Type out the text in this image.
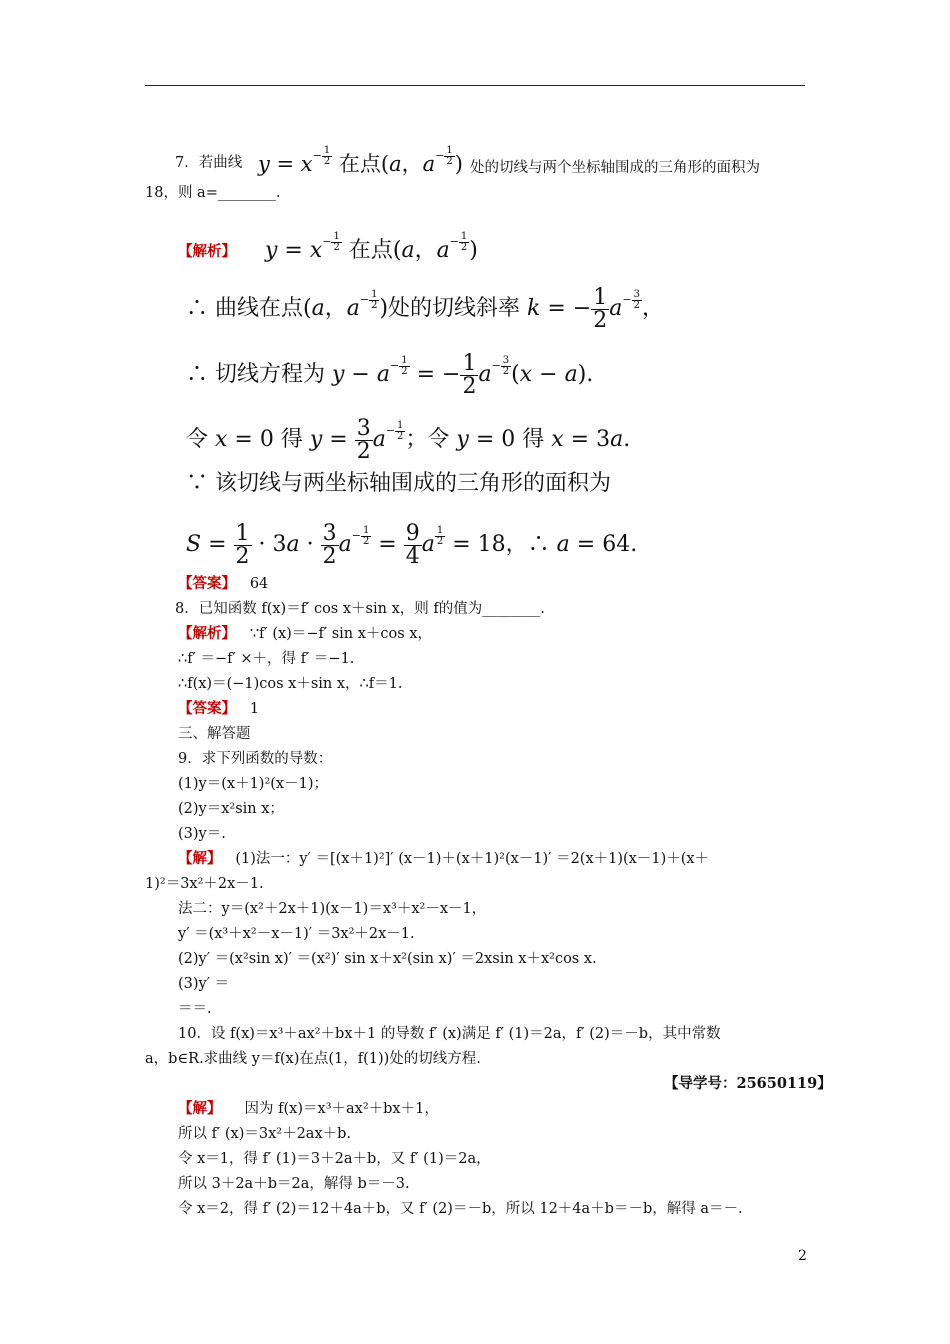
7．若曲线 $y = x- \frac{1}{2}$ 在点(a，$a- \frac{1}{2}$ ) 处的切线与两个坐标轴围成的三角形的面积为
18，则 a=________.
【解析】 $y = x- \frac{1}{2}$ 在点(a，$a- \frac{1}{2}$ )
∴ 曲线在点(a，$a- \frac{1}{2}$ )处的切线斜率 k = − $\frac{1}{2} a- \frac{3}{2}$ ，
∴ 切线方程为 $y - a- \frac{1}{2}$ = − $\frac{1}{2} a- \frac{3}{2} (x - a)$.
令 x = 0 得 $y = \frac{3}{2} a- \frac{1}{2}$ ；令 y = 0 得 x = 3a.
∵ 该切线与两坐标轴围成的三角形的面积为
$S = \frac{1}{2} \cdot 3a \cdot \frac{3}{2} a- \frac{1}{2} = \frac{9}{4}$ a $\frac{1}{2} = 18$，∴ a = 64.
【答案】 64
8．已知函数 f(x)＝f′ cos x＋sin x，则 f的值为________.
【解析】 ∵f′ (x)＝−f′ sin x＋cos x，
∴f′ ＝−f′ ×＋，得 f′ ＝−1.
∴f(x)＝(−1)cos x＋sin x，∴f＝1.
【答案】 1
三、解答题
9．求下列函数的导数：
(1)y＝(x＋1)²(x－1)；
(2)y＝x²sin x；
(3)y＝.
【解】 (1)法一：y′ ＝[(x＋1)²]′ (x－1)＋(x＋1)²(x－1)′ ＝2(x＋1)(x－1)＋(x＋
1)²＝3x²＋2x－1.
法二：y＝(x²＋2x＋1)(x－1)＝x³＋x²－x－1，
y′ ＝(x³＋x²－x－1)′ ＝3x²＋2x－1.
(2)y′ ＝(x²sin x)′ ＝(x²)′ sin x＋x²(sin x)′ ＝2xsin x＋x²cos x.
(3)y′ ＝
＝＝.
10．设 f(x)＝x³＋ax²＋bx＋1 的导数 f′ (x)满足 f′ (1)＝2a，f′ (2)＝－b，其中常数
a，b∈R.求曲线 y＝f(x)在点(1，f(1))处的切线方程.
【导学号：25650119】
【解】 因为 f(x)＝x³＋ax²＋bx＋1，
所以 f′ (x)＝3x²＋2ax＋b.
令 x＝1，得 f′ (1)＝3＋2a＋b，又 f′ (1)＝2a，
所以 3＋2a＋b＝2a，解得 b＝－3.
令 x＝2，得 f′ (2)＝12＋4a＋b，又 f′ (2)＝－b，所以 12＋4a＋b＝－b，解得 a＝－.
2
